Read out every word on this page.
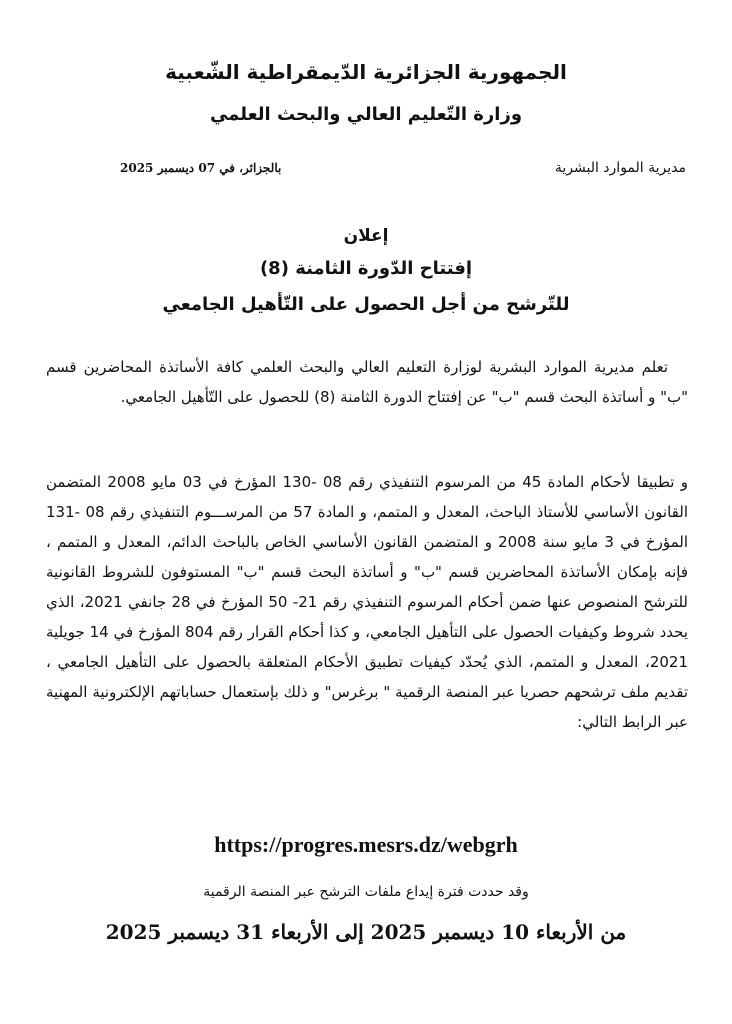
الجمهورية الجزائرية الدّيمقراطية الشّعبية
وزارة التّعليم العالي والبحث العلمي
مديرية الموارد البشرية
بالجزائر، في 07 ديسمبر 2025
إعلان
إفتتاح الدّورة الثامنة (8)
للتّرشح من أجل الحصول على التّأهيل الجامعي
تعلم مديرية الموارد البشرية لوزارة التعليم العالي والبحث العلمي كافة الأساتذة المحاضرين قسم "ب" و أساتذة البحث قسم "ب" عن إفتتاح الدورة الثامنة (8) للحصول على التّأهيل الجامعي.
و تطبيقا لأحكام المادة 45 من المرسوم التنفيذي رقم 08 -130 المؤرخ في 03 مايو 2008 المتضمن القانون الأساسي للأستاذ الباحث، المعدل و المتمم، و المادة 57 من المرســـوم التنفيذي رقم 08 -131 المؤرخ في 3 مايو سنة 2008 و المتضمن القانون الأساسي الخاص بالباحث الدائم، المعدل و المتمم ، فإنه بإمكان الأساتذة المحاضرين قسم "ب" و أساتذة البحث قسم "ب" المستوفون للشروط القانونية للترشح المنصوص عنها ضمن أحكام المرسوم التنفيذي رقم 21- 50 المؤرخ في 28 جانفي 2021، الذي يحدد شروط وكيفيات الحصول على التأهيل الجامعي، و كذا أحكام القرار رقم 804 المؤرخ في 14 جويلية 2021، المعدل و المتمم، الذي يُحدّد كيفيات تطبيق الأحكام المتعلقة بالحصول على التأهيل الجامعي ، تقديم ملف ترشحهم حصريا عبر المنصة الرقمية " برغرس" و ذلك بإستعمال حساباتهم الإلكترونية المهنية عبر الرابط التالي:
https://progres.mesrs.dz/webgrh
وقد حددت فترة إيداع ملفات الترشح عبر المنصة الرقمية
من الأربعاء 10 ديسمبر 2025 إلى الأربعاء 31 ديسمبر 2025
